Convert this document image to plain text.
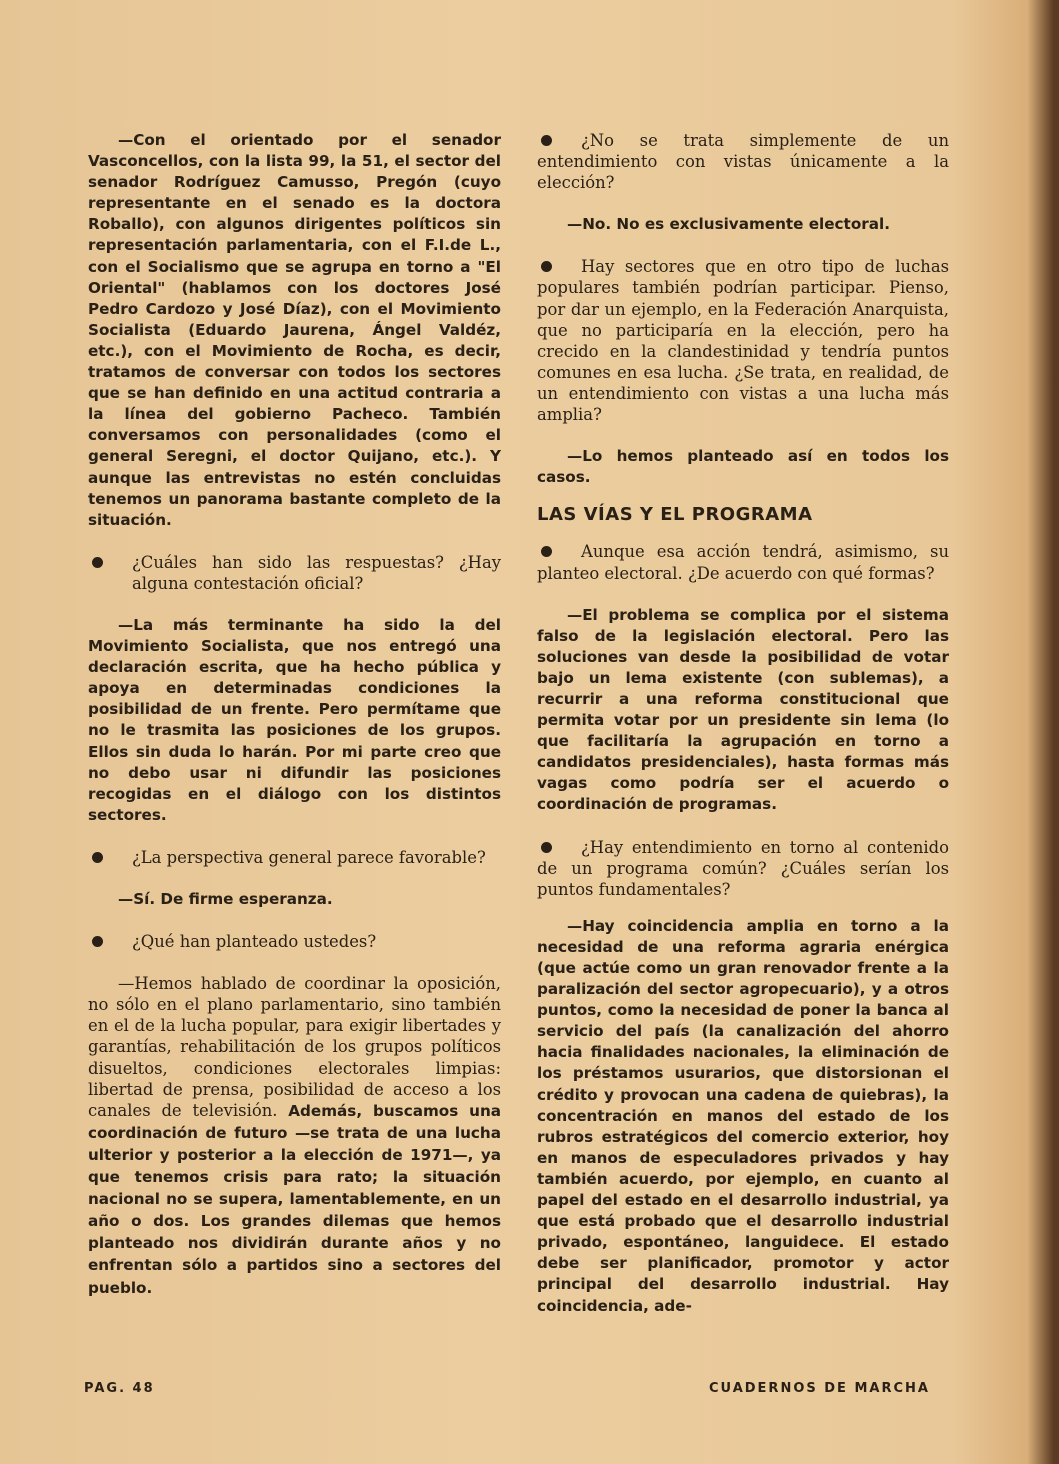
—Con el orientado por el senador Vasconcellos, con la lista 99, la 51, el sector del senador Rodríguez Camusso, Pregón (cuyo representante en el senado es la doctora Roballo), con algunos dirigentes políticos sin representación parlamentaria, con el F.I.de L., con el Socialismo que se agrupa en torno a "El Oriental" (hablamos con los doctores José Pedro Cardozo y José Díaz), con el Movimiento Socialista (Eduardo Jaurena, Ángel Valdéz, etc.), con el Movimiento de Rocha, es decir, tratamos de conversar con todos los sectores que se han definido en una actitud contraria a la línea del gobierno Pacheco. También conversamos con personalidades (como el general Seregni, el doctor Quijano, etc.). Y aunque las entrevistas no estén concluidas tenemos un panorama bastante completo de la situación.

¿Cuáles han sido las respuestas? ¿Hay alguna contestación oficial?

—La más terminante ha sido la del Movimiento Socialista, que nos entregó una declaración escrita, que ha hecho pública y apoya en determinadas condiciones la posibilidad de un frente. Pero permítame que no le trasmita las posiciones de los grupos. Ellos sin duda lo harán. Por mi parte creo que no debo usar ni difundir las posiciones recogidas en el diálogo con los distintos sectores.

¿La perspectiva general parece favorable?

—Sí. De firme esperanza.

¿Qué han planteado ustedes?

—Hemos hablado de coordinar la oposición, no sólo en el plano parlamentario, sino también en el de la lucha popular, para exigir libertades y garantías, rehabilitación de los grupos políticos disueltos, condiciones electorales limpias: libertad de prensa, posibilidad de acceso a los canales de televisión. Además, buscamos una coordinación de futuro —se trata de una lucha ulterior y posterior a la elección de 1971—, ya que tenemos crisis para rato; la situación nacional no se supera, lamentablemente, en un año o dos. Los grandes dilemas que hemos planteado nos dividirán durante años y no enfrentan sólo a partidos sino a sectores del pueblo.

¿No se trata simplemente de un entendimiento con vistas únicamente a la elección?

—No. No es exclusivamente electoral.

Hay sectores que en otro tipo de luchas populares también podrían participar. Pienso, por dar un ejemplo, en la Federación Anarquista, que no participaría en la elección, pero ha crecido en la clandestinidad y tendría puntos comunes en esa lucha. ¿Se trata, en realidad, de un entendimiento con vistas a una lucha más amplia?

—Lo hemos planteado así en todos los casos.

LAS VÍAS Y EL PROGRAMA
Aunque esa acción tendrá, asimismo, su planteo electoral. ¿De acuerdo con qué formas?

—El problema se complica por el sistema falso de la legislación electoral. Pero las soluciones van desde la posibilidad de votar bajo un lema existente (con sublemas), a recurrir a una reforma constitucional que permita votar por un presidente sin lema (lo que facilitaría la agrupación en torno a candidatos presidenciales), hasta formas más vagas como podría ser el acuerdo o coordinación de programas.

¿Hay entendimiento en torno al contenido de un programa común? ¿Cuáles serían los puntos fundamentales?

—Hay coincidencia amplia en torno a la necesidad de una reforma agraria enérgica (que actúe como un gran renovador frente a la paralización del sector agropecuario), y a otros puntos, como la necesidad de poner la banca al servicio del país (la canalización del ahorro hacia finalidades nacionales, la eliminación de los préstamos usurarios, que distorsionan el crédito y provocan una cadena de quiebras), la concentración en manos del estado de los rubros estratégicos del comercio exterior, hoy en manos de especuladores privados y hay también acuerdo, por ejemplo, en cuanto al papel del estado en el desarrollo industrial, ya que está probado que el desarrollo industrial privado, espontáneo, languidece. El estado debe ser planificador, promotor y actor principal del desarrollo industrial. Hay coincidencia, ade-

PAG. 48	CUADERNOS DE MARCHA
